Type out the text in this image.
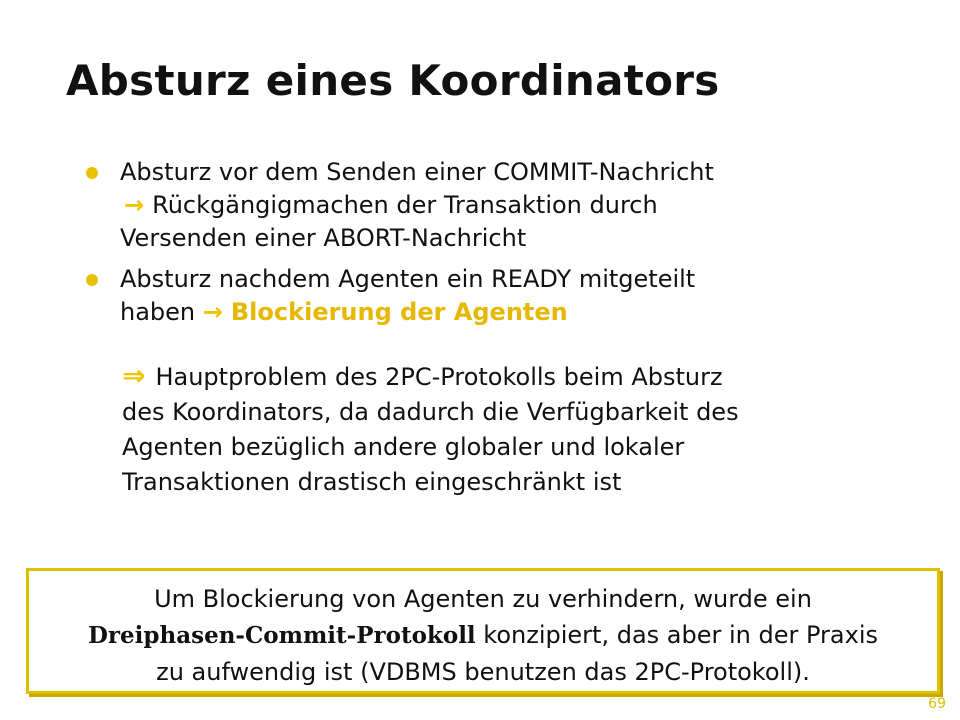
Absturz eines Koordinators
Absturz vor dem Senden einer COMMIT-Nachricht
→ Rückgängigmachen der Transaktion durch
Versenden einer ABORT-Nachricht
Absturz nachdem Agenten ein READY mitgeteilt
haben → Blockierung der Agenten
⇒ Hauptproblem des 2PC-Protokolls beim Absturz
des Koordinators, da dadurch die Verfügbarkeit des
Agenten bezüglich andere globaler und lokaler
Transaktionen drastisch eingeschränkt ist
Um Blockierung von Agenten zu verhindern, wurde ein
Dreiphasen-Commit-Protokoll konzipiert, das aber in der Praxis
zu aufwendig ist (VDBMS benutzen das 2PC-Protokoll).
69
